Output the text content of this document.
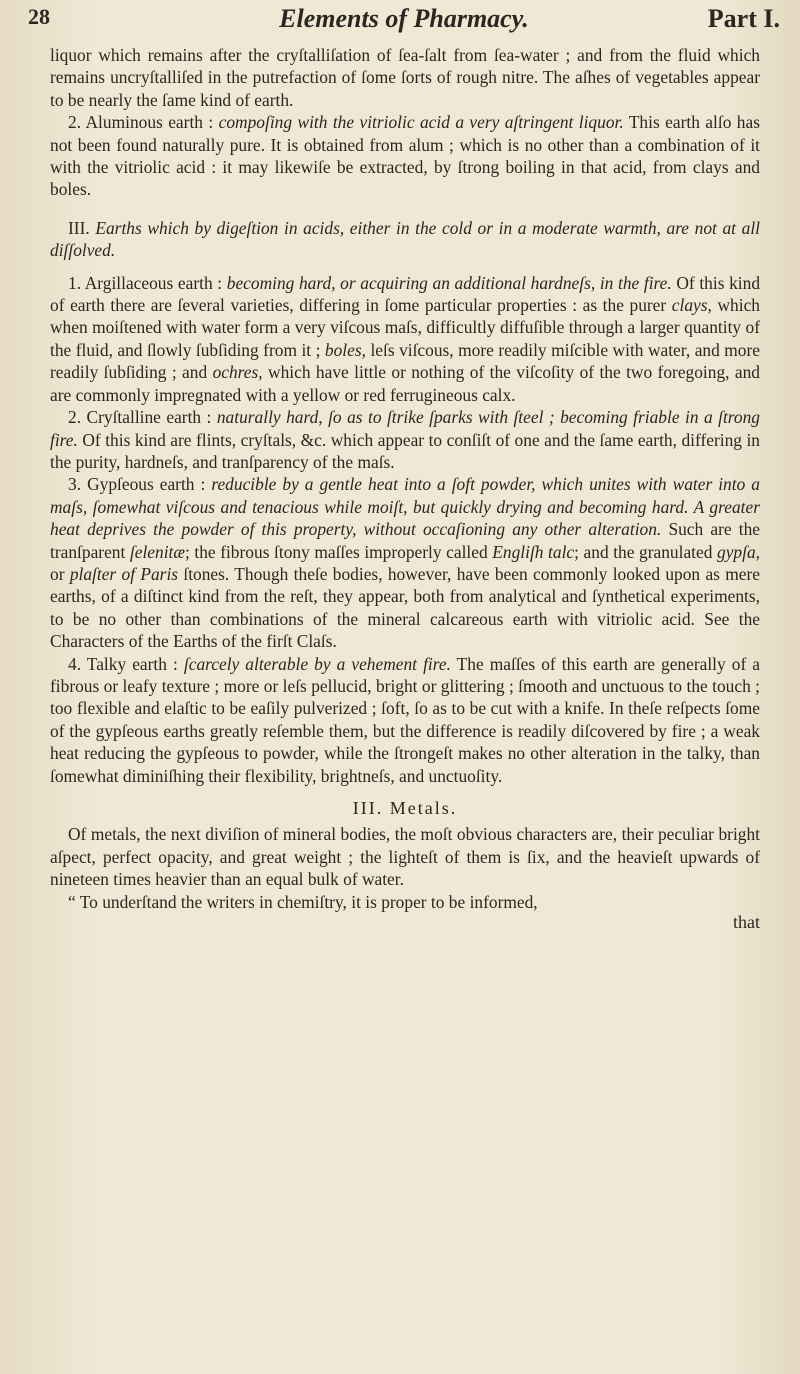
28	Elements of Pharmacy.	Part I.

liquor which remains after the cryſtalliſation of ſea-ſalt from ſea-water ; and from the fluid which remains uncryſtalliſed in the putrefaction of ſome ſorts of rough nitre. The aſhes of vegetables appear to be nearly the ſame kind of earth.

2. Aluminous earth : compoſing with the vitriolic acid a very aſtringent liquor. This earth alſo has not been found naturally pure. It is obtained from alum ; which is no other than a combination of it with the vitriolic acid : it may likewiſe be extracted, by ſtrong boiling in that acid, from clays and boles.

III. Earths which by digeſtion in acids, either in the cold or in a moderate warmth, are not at all diſſolved.

1. Argillaceous earth : becoming hard, or acquiring an additional hardneſs, in the fire. Of this kind of earth there are ſeveral varieties, differing in ſome particular properties : as the purer clays, which when moiſtened with water form a very viſcous maſs, difficultly diffuſible through a larger quantity of the fluid, and ſlowly ſubſiding from it ; boles, leſs viſcous, more readily miſcible with water, and more readily ſubſiding ; and ochres, which have little or nothing of the viſcoſity of the two foregoing, and are commonly impregnated with a yellow or red ferrugineous calx.

2. Cryſtalline earth : naturally hard, ſo as to ſtrike ſparks with ſteel ; becoming friable in a ſtrong fire. Of this kind are flints, cryſtals, &c. which appear to conſiſt of one and the ſame earth, differing in the purity, hardneſs, and tranſparency of the maſs.

3. Gypſeous earth : reducible by a gentle heat into a ſoft powder, which unites with water into a maſs, ſomewhat viſcous and tenacious while moiſt, but quickly drying and becoming hard. A greater heat deprives the powder of this property, without occaſioning any other alteration. Such are the tranſparent ſelenitæ; the fibrous ſtony maſſes improperly called Engliſh talc; and the granulated gypſa, or plaſter of Paris ſtones. Though theſe bodies, however, have been commonly looked upon as mere earths, of a diſtinct kind from the reſt, they appear, both from analytical and ſynthetical experiments, to be no other than combinations of the mineral calcareous earth with vitriolic acid. See the Characters of the Earths of the firſt Claſs.

4. Talky earth : ſcarcely alterable by a vehement fire. The maſſes of this earth are generally of a fibrous or leafy texture ; more or leſs pellucid, bright or glittering ; ſmooth and unctuous to the touch ; too flexible and elaſtic to be eaſily pulverized ; ſoft, ſo as to be cut with a knife. In theſe reſpects ſome of the gypſeous earths greatly reſemble them, but the difference is readily diſcovered by fire ; a weak heat reducing the gypſeous to powder, while the ſtrongeſt makes no other alteration in the talky, than ſomewhat diminiſhing their flexibility, brightneſs, and unctuoſity.

III. Metals.

Of metals, the next diviſion of mineral bodies, the moſt obvious characters are, their peculiar bright aſpect, perfect opacity, and great weight ; the lighteſt of them is ſix, and the heavieſt upwards of nineteen times heavier than an equal bulk of water.

“ To underſtand the writers in chemiſtry, it is proper to be informed,

that
